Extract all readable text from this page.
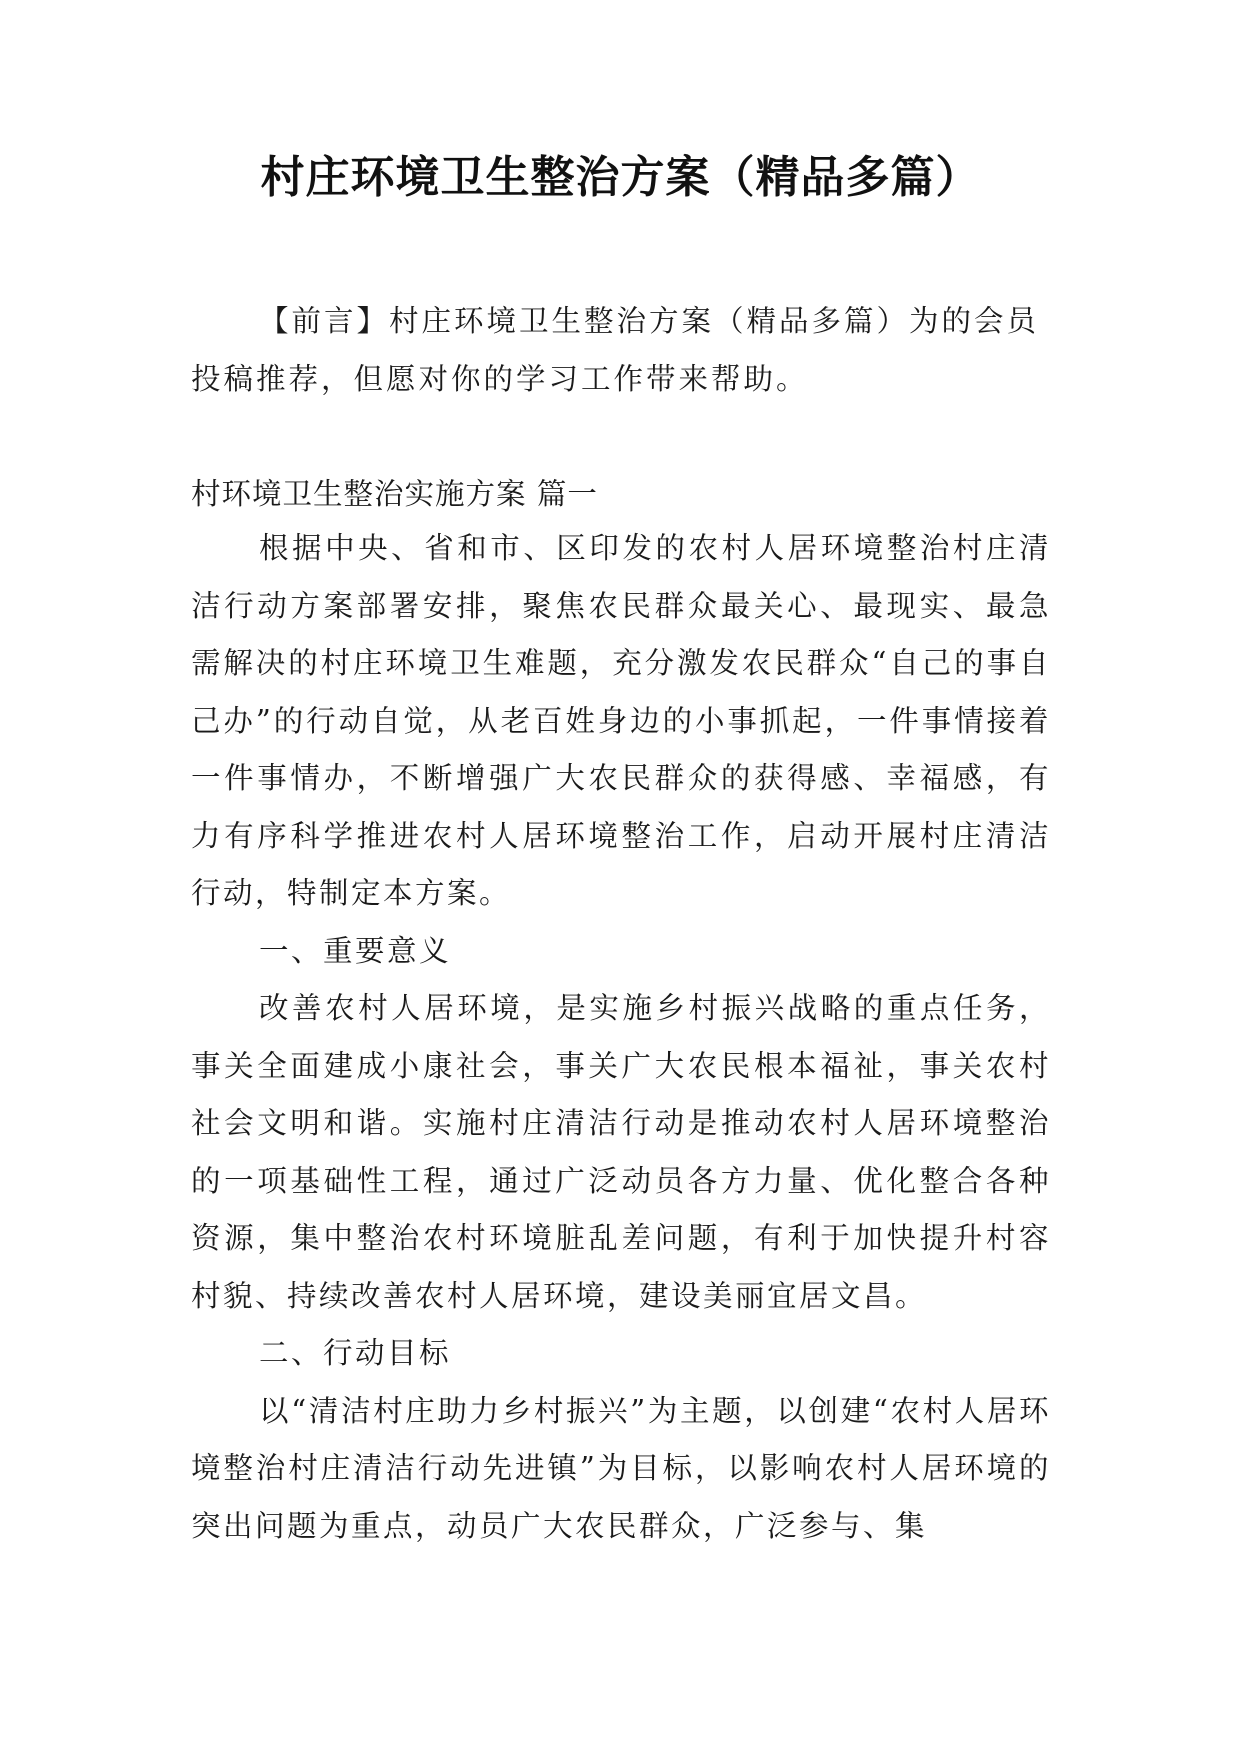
村庄环境卫生整治方案（精品多篇）

【前言】村庄环境卫生整治方案（精品多篇）为的会员投稿推荐，但愿对你的学习工作带来帮助。

村环境卫生整治实施方案 篇一

根据中央、省和市、区印发的农村人居环境整治村庄清洁行动方案部署安排，聚焦农民群众最关心、最现实、最急需解决的村庄环境卫生难题，充分激发农民群众“自己的事自己办”的行动自觉，从老百姓身边的小事抓起，一件事情接着一件事情办，不断增强广大农民群众的获得感、幸福感，有力有序科学推进农村人居环境整治工作，启动开展村庄清洁行动，特制定本方案。

一、重要意义

改善农村人居环境，是实施乡村振兴战略的重点任务，事关全面建成小康社会，事关广大农民根本福祉，事关农村社会文明和谐。实施村庄清洁行动是推动农村人居环境整治的一项基础性工程，通过广泛动员各方力量、优化整合各种资源，集中整治农村环境脏乱差问题，有利于加快提升村容村貌、持续改善农村人居环境，建设美丽宜居文昌。

二、行动目标

以“清洁村庄助力乡村振兴”为主题，以创建“农村人居环境整治村庄清洁行动先进镇”为目标，以影响农村人居环境的突出问题为重点，动员广大农民群众，广泛参与、集
